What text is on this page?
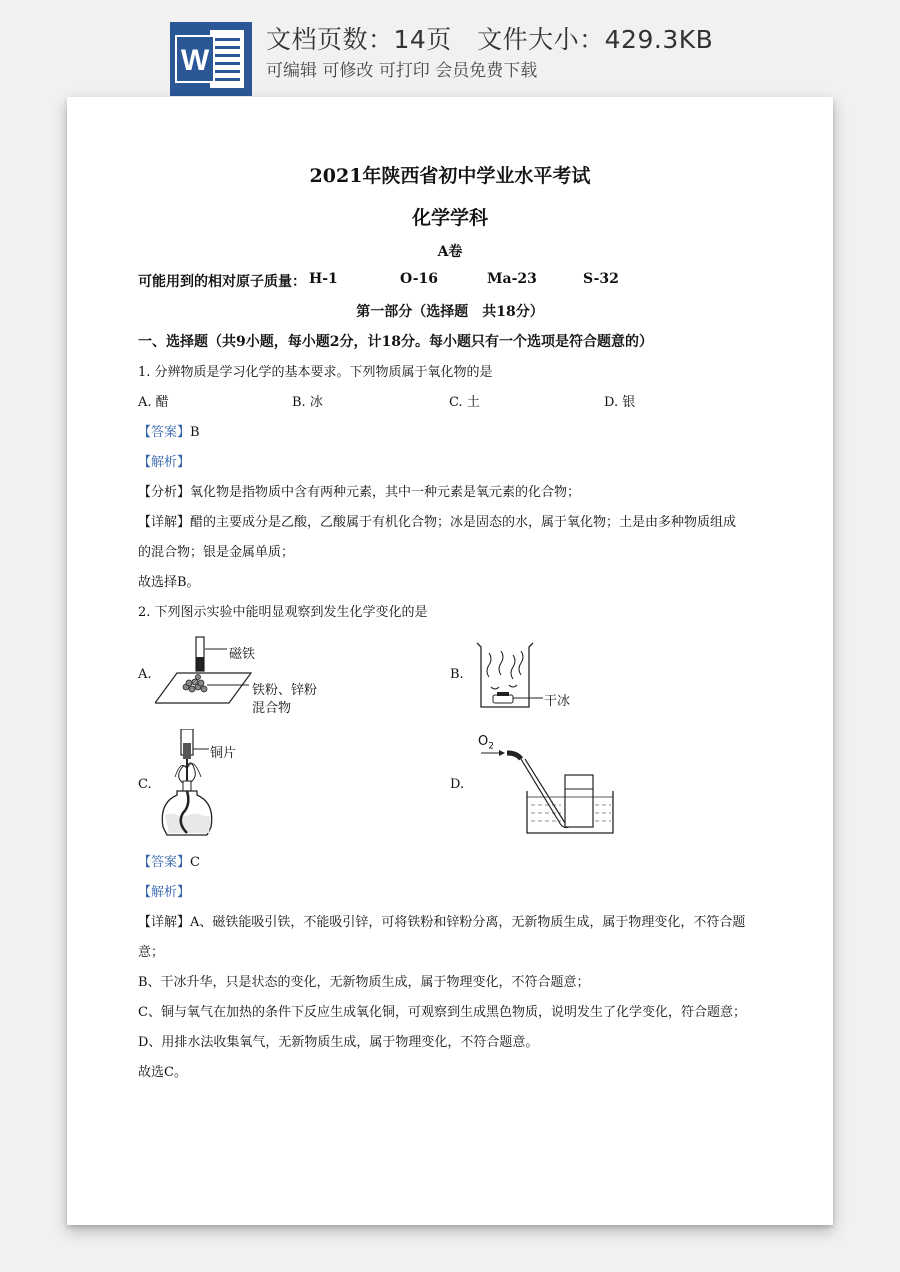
W
文档页数：14页   文件大小：429.3KB
可编辑 可修改 可打印 会员免费下载
2021年陕西省初中学业水平考试
化学学科
A卷
可能用到的相对原子质量： H-1	O-16	Ma-23	S-32
第一部分（选择题　共18分）
一、选择题（共9小题，每小题2分，计18分。每小题只有一个选项是符合题意的）
1. 分辨物质是学习化学的基本要求。下列物质属于氧化物的是
A. 醋	B. 冰	C. 土	D. 银
【答案】B
【解析】
【分析】氧化物是指物质中含有两种元素，其中一种元素是氧元素的化合物；
【详解】醋的主要成分是乙酸，乙酸属于有机化合物；冰是固态的水，属于氧化物；土是由多种物质组成
的混合物；银是金属单质；
故选择B。
2. 下列图示实验中能明显观察到发生化学变化的是
A.
磁铁
铁粉、锌粉
混合物
B.
干冰
C.
铜片
D.
$O_2$
【答案】C
【解析】
【详解】A、磁铁能吸引铁，不能吸引锌，可将铁粉和锌粉分离，无新物质生成，属于物理变化，不符合题
意；
B、干冰升华，只是状态的变化，无新物质生成，属于物理变化，不符合题意；
C、铜与氧气在加热的条件下反应生成氧化铜，可观察到生成黑色物质，说明发生了化学变化，符合题意；
D、用排水法收集氧气，无新物质生成，属于物理变化，不符合题意。
故选C。
